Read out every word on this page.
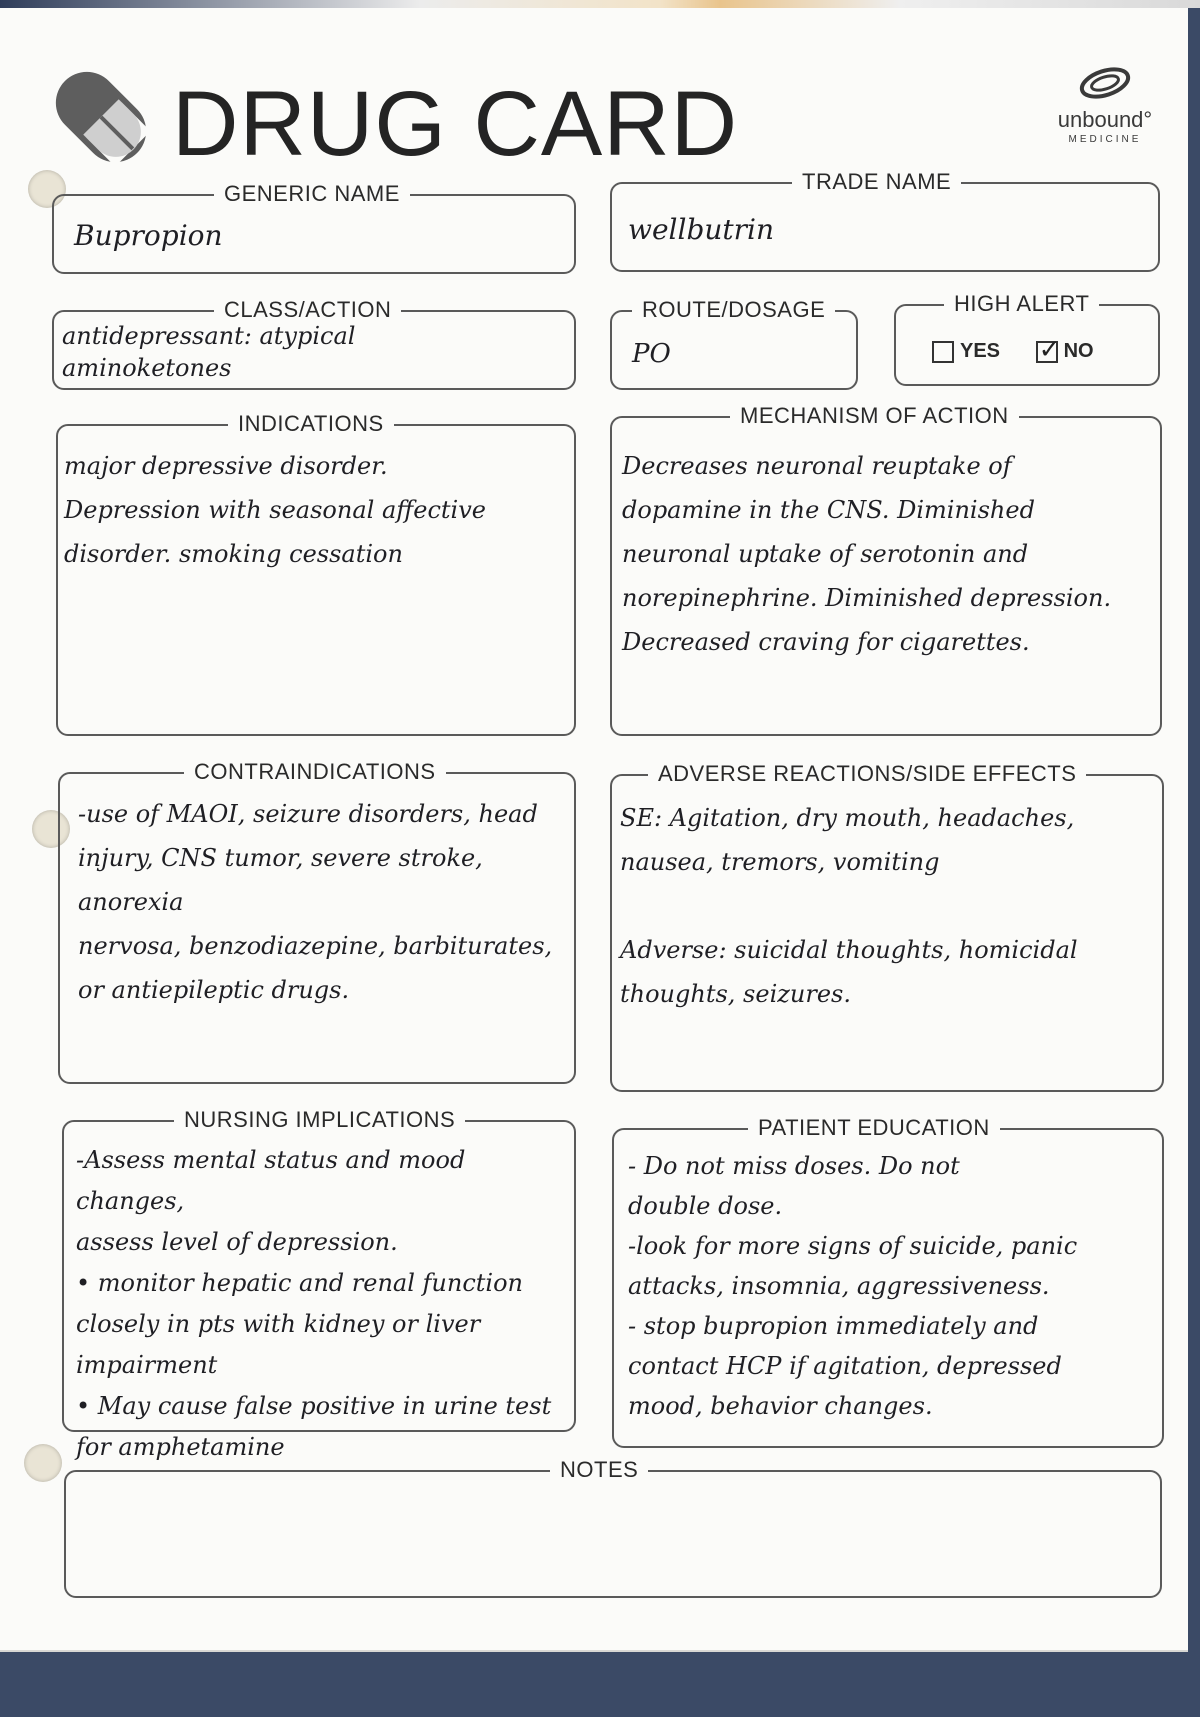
DRUG CARD	unbound°
MEDICINE
GENERIC NAME
Bupropion
TRADE NAME
wellbutrin
CLASS/ACTION
antidepressant: atypical
aminoketones
ROUTE/DOSAGE
PO
HIGH ALERT
YES ✓ NO
INDICATIONS
major depressive disorder.
Depression with seasonal affective
disorder. smoking cessation
MECHANISM OF ACTION
Decreases neuronal reuptake of
dopamine in the CNS. Diminished
neuronal uptake of serotonin and
norepinephrine. Diminished depression.
Decreased craving for cigarettes.
CONTRAINDICATIONS
-use of MAOI, seizure disorders, head
injury, CNS tumor, severe stroke, anorexia
nervosa, benzodiazepine, barbiturates,
or antiepileptic drugs.
ADVERSE REACTIONS/SIDE EFFECTS
SE: Agitation, dry mouth, headaches,
nausea, tremors, vomiting

Adverse: suicidal thoughts, homicidal
thoughts, seizures.
NURSING IMPLICATIONS
-Assess mental status and mood changes,
assess level of depression.
• monitor hepatic and renal function
closely in pts with kidney or liver
impairment
• May cause false positive in urine test
for amphetamine
PATIENT EDUCATION
- Do not miss doses. Do not
double dose.
-look for more signs of suicide, panic
attacks, insomnia, aggressiveness.
- stop bupropion immediately and
contact HCP if agitation, depressed
mood, behavior changes.
NOTES
